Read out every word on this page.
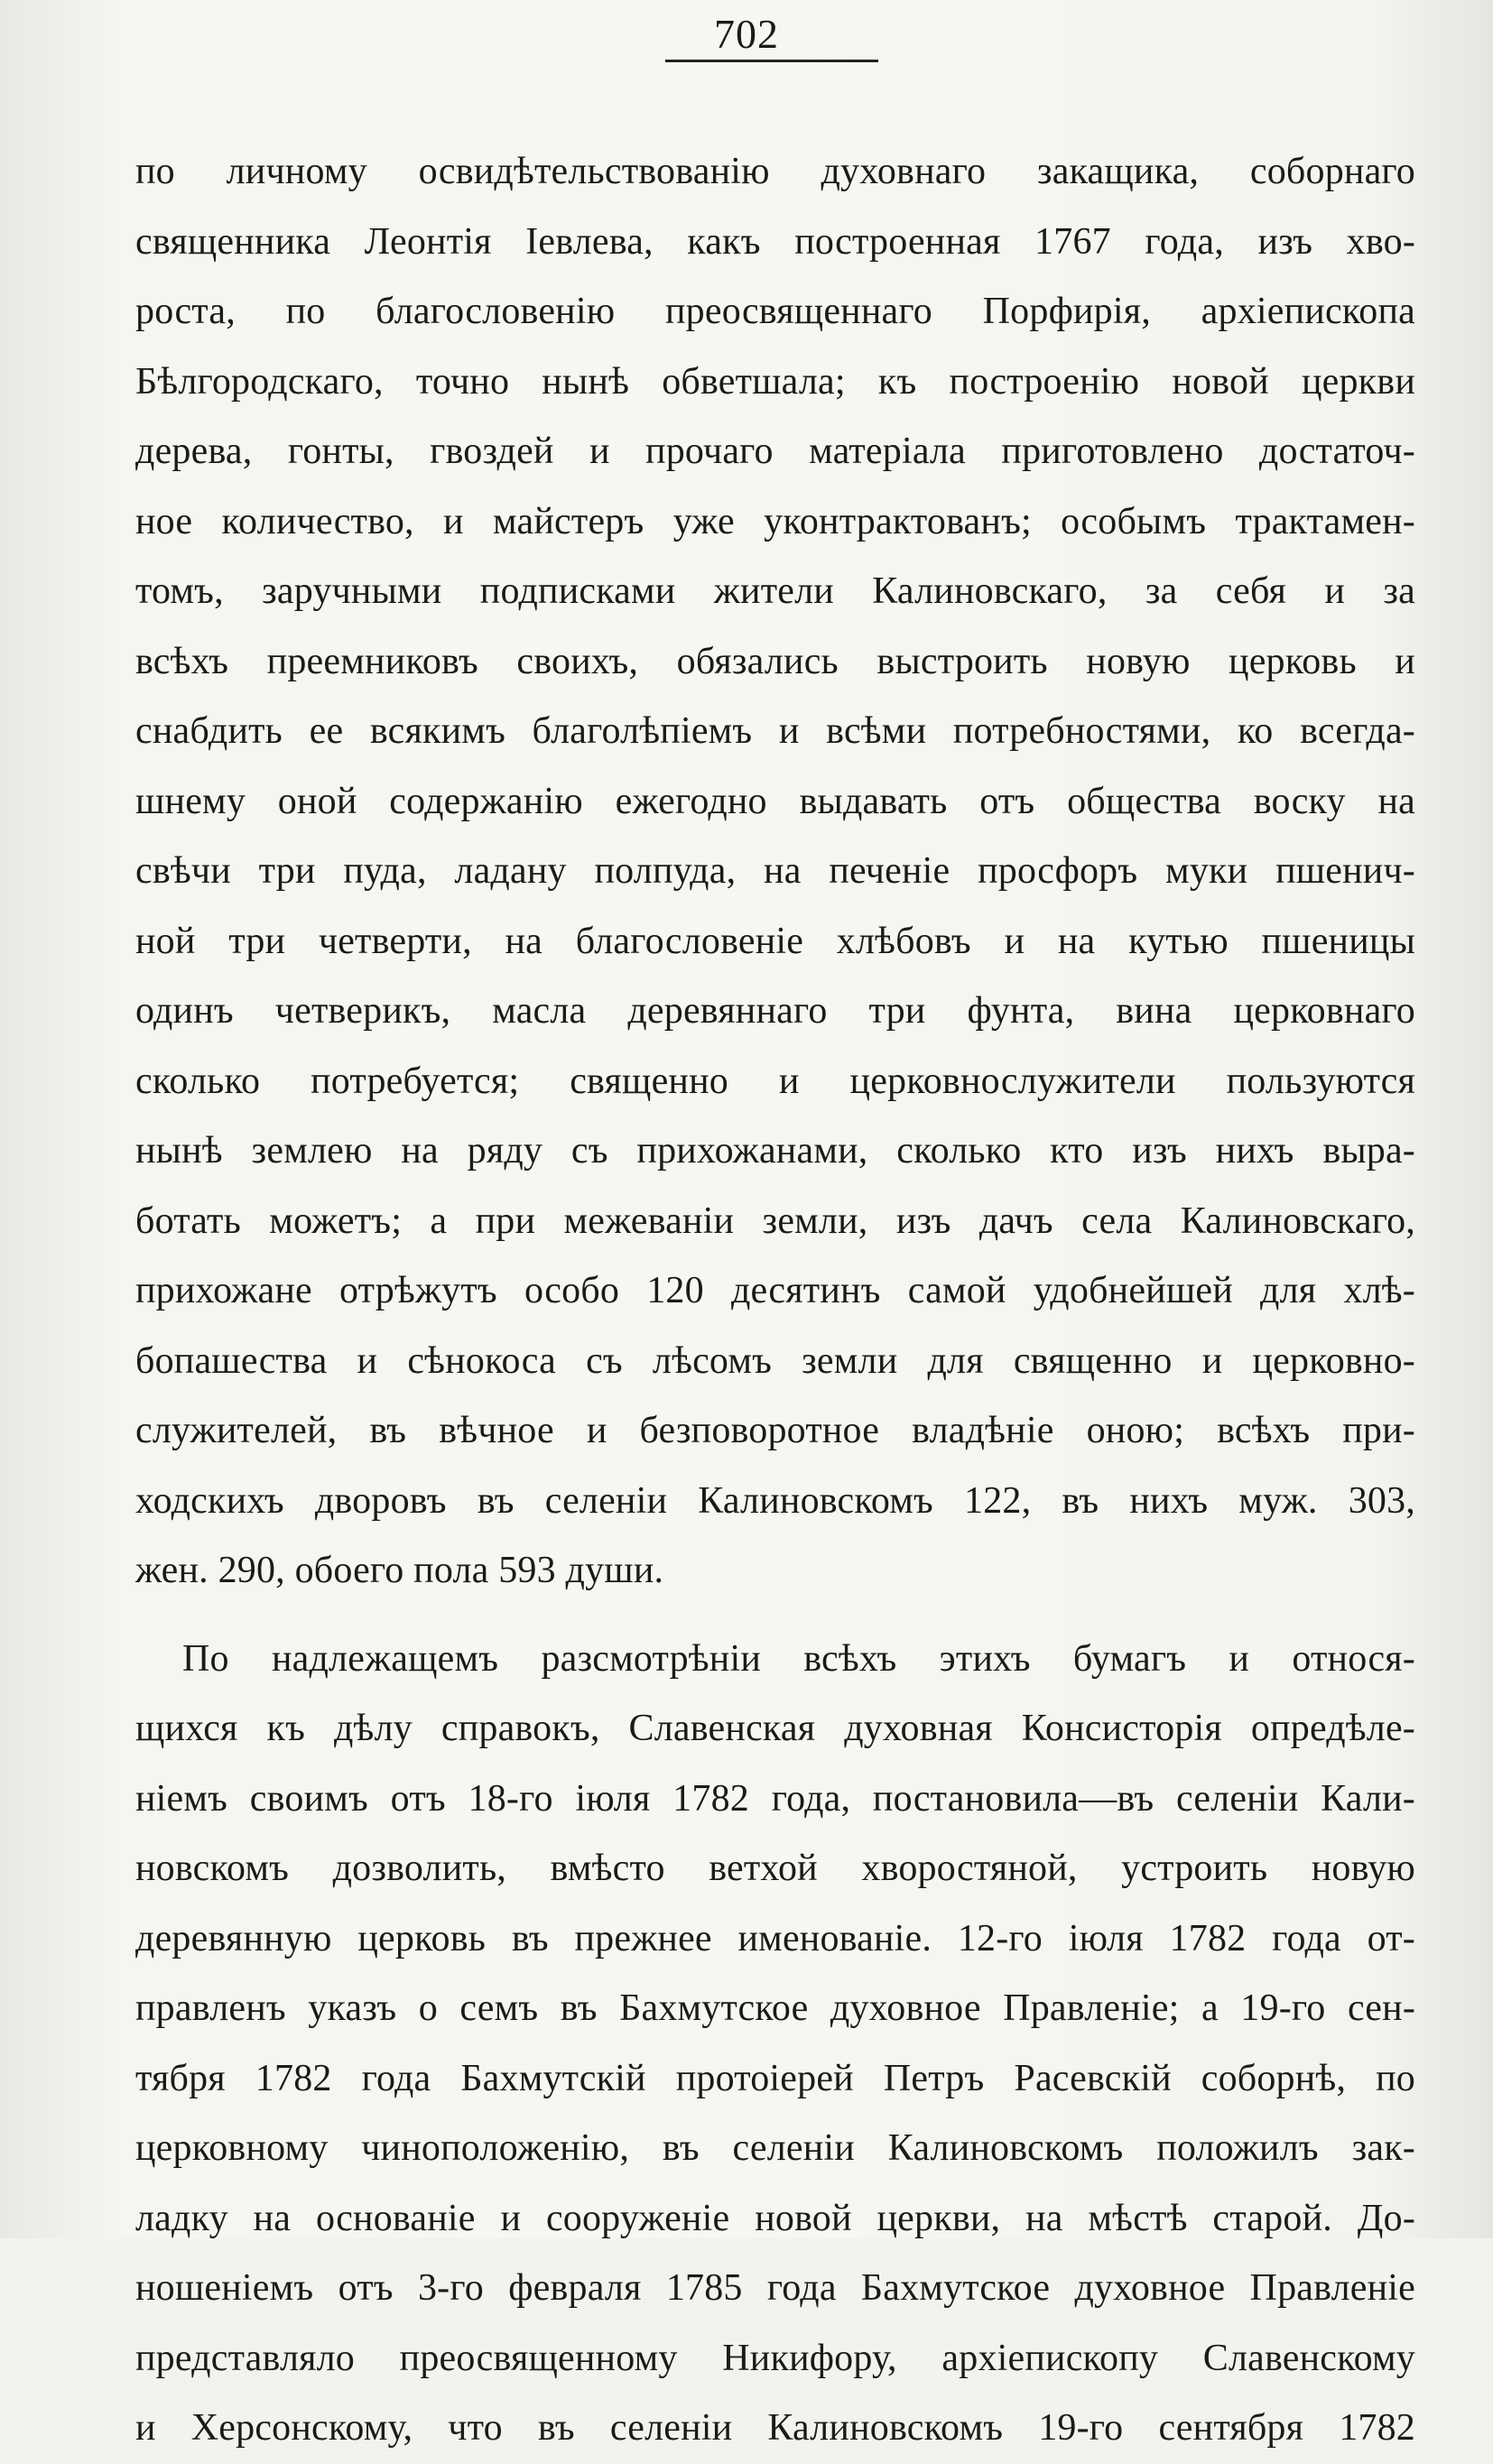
702
по личному освидѣтельствованію духовнаго закащика, соборнаго
священника Леонтія Іевлева, какъ построенная 1767 года, изъ хво-
роста, по благословенію преосвященнаго Порфирія, архіепископа
Бѣлгородскаго, точно нынѣ обветшала; къ построенію новой церкви
дерева, гонты, гвоздей и прочаго матеріала приготовлено достаточ-
ное количество, и майстеръ уже уконтрактованъ; особымъ трактамен-
томъ, заручными подписками жители Калиновскаго, за себя и за
всѣхъ преемниковъ своихъ, обязались выстроить новую церковь и
снабдить ее всякимъ благолѣпіемъ и всѣми потребностями, ко всегда-
шнему оной содержанію ежегодно выдавать отъ общества воску на
свѣчи три пуда, ладану полпуда, на печеніе просфоръ муки пшенич-
ной три четверти, на благословеніе хлѣбовъ и на кутью пшеницы
одинъ четверикъ, масла деревяннаго три фунта, вина церковнаго
сколько потребуется; священно и церковнослужители пользуются
нынѣ землею на ряду съ прихожанами, сколько кто изъ нихъ выра-
ботать можетъ; а при межеваніи земли, изъ дачъ села Калиновскаго,
прихожане отрѣжутъ особо 120 десятинъ самой удобнейшей для хлѣ-
бопашества и сѣнокоса съ лѣсомъ земли для священно и церковно-
служителей, въ вѣчное и безповоротное владѣніе оною; всѣхъ при-
ходскихъ дворовъ въ селеніи Калиновскомъ 122, въ нихъ муж. 303,
жен. 290, обоего пола 593 души.
По надлежащемъ разсмотрѣніи всѣхъ этихъ бумагъ и относя-
щихся къ дѣлу справокъ, Славенская духовная Консисторія опредѣле-
ніемъ своимъ отъ 18-го іюля 1782 года, постановила—въ селеніи Кали-
новскомъ дозволить, вмѣсто ветхой хворостяной, устроить новую
деревянную церковь въ прежнее именованіе. 12-го іюля 1782 года от-
правленъ указъ о семъ въ Бахмутское духовное Правленіе; а 19-го сен-
тября 1782 года Бахмутскій протоіерей Петръ Расевскій соборнѣ, по
церковному чиноположенію, въ селеніи Калиновскомъ положилъ зак-
ладку на основаніе и сооруженіе новой церкви, на мѣстѣ старой. До-
ношеніемъ отъ 3-го февраля 1785 года Бахмутское духовное Правленіе
представляло преосвященному Никифору, архіепископу Славенскому
и Херсонскому, что въ селеніи Калиновскомъ 19-го сентября 1782
